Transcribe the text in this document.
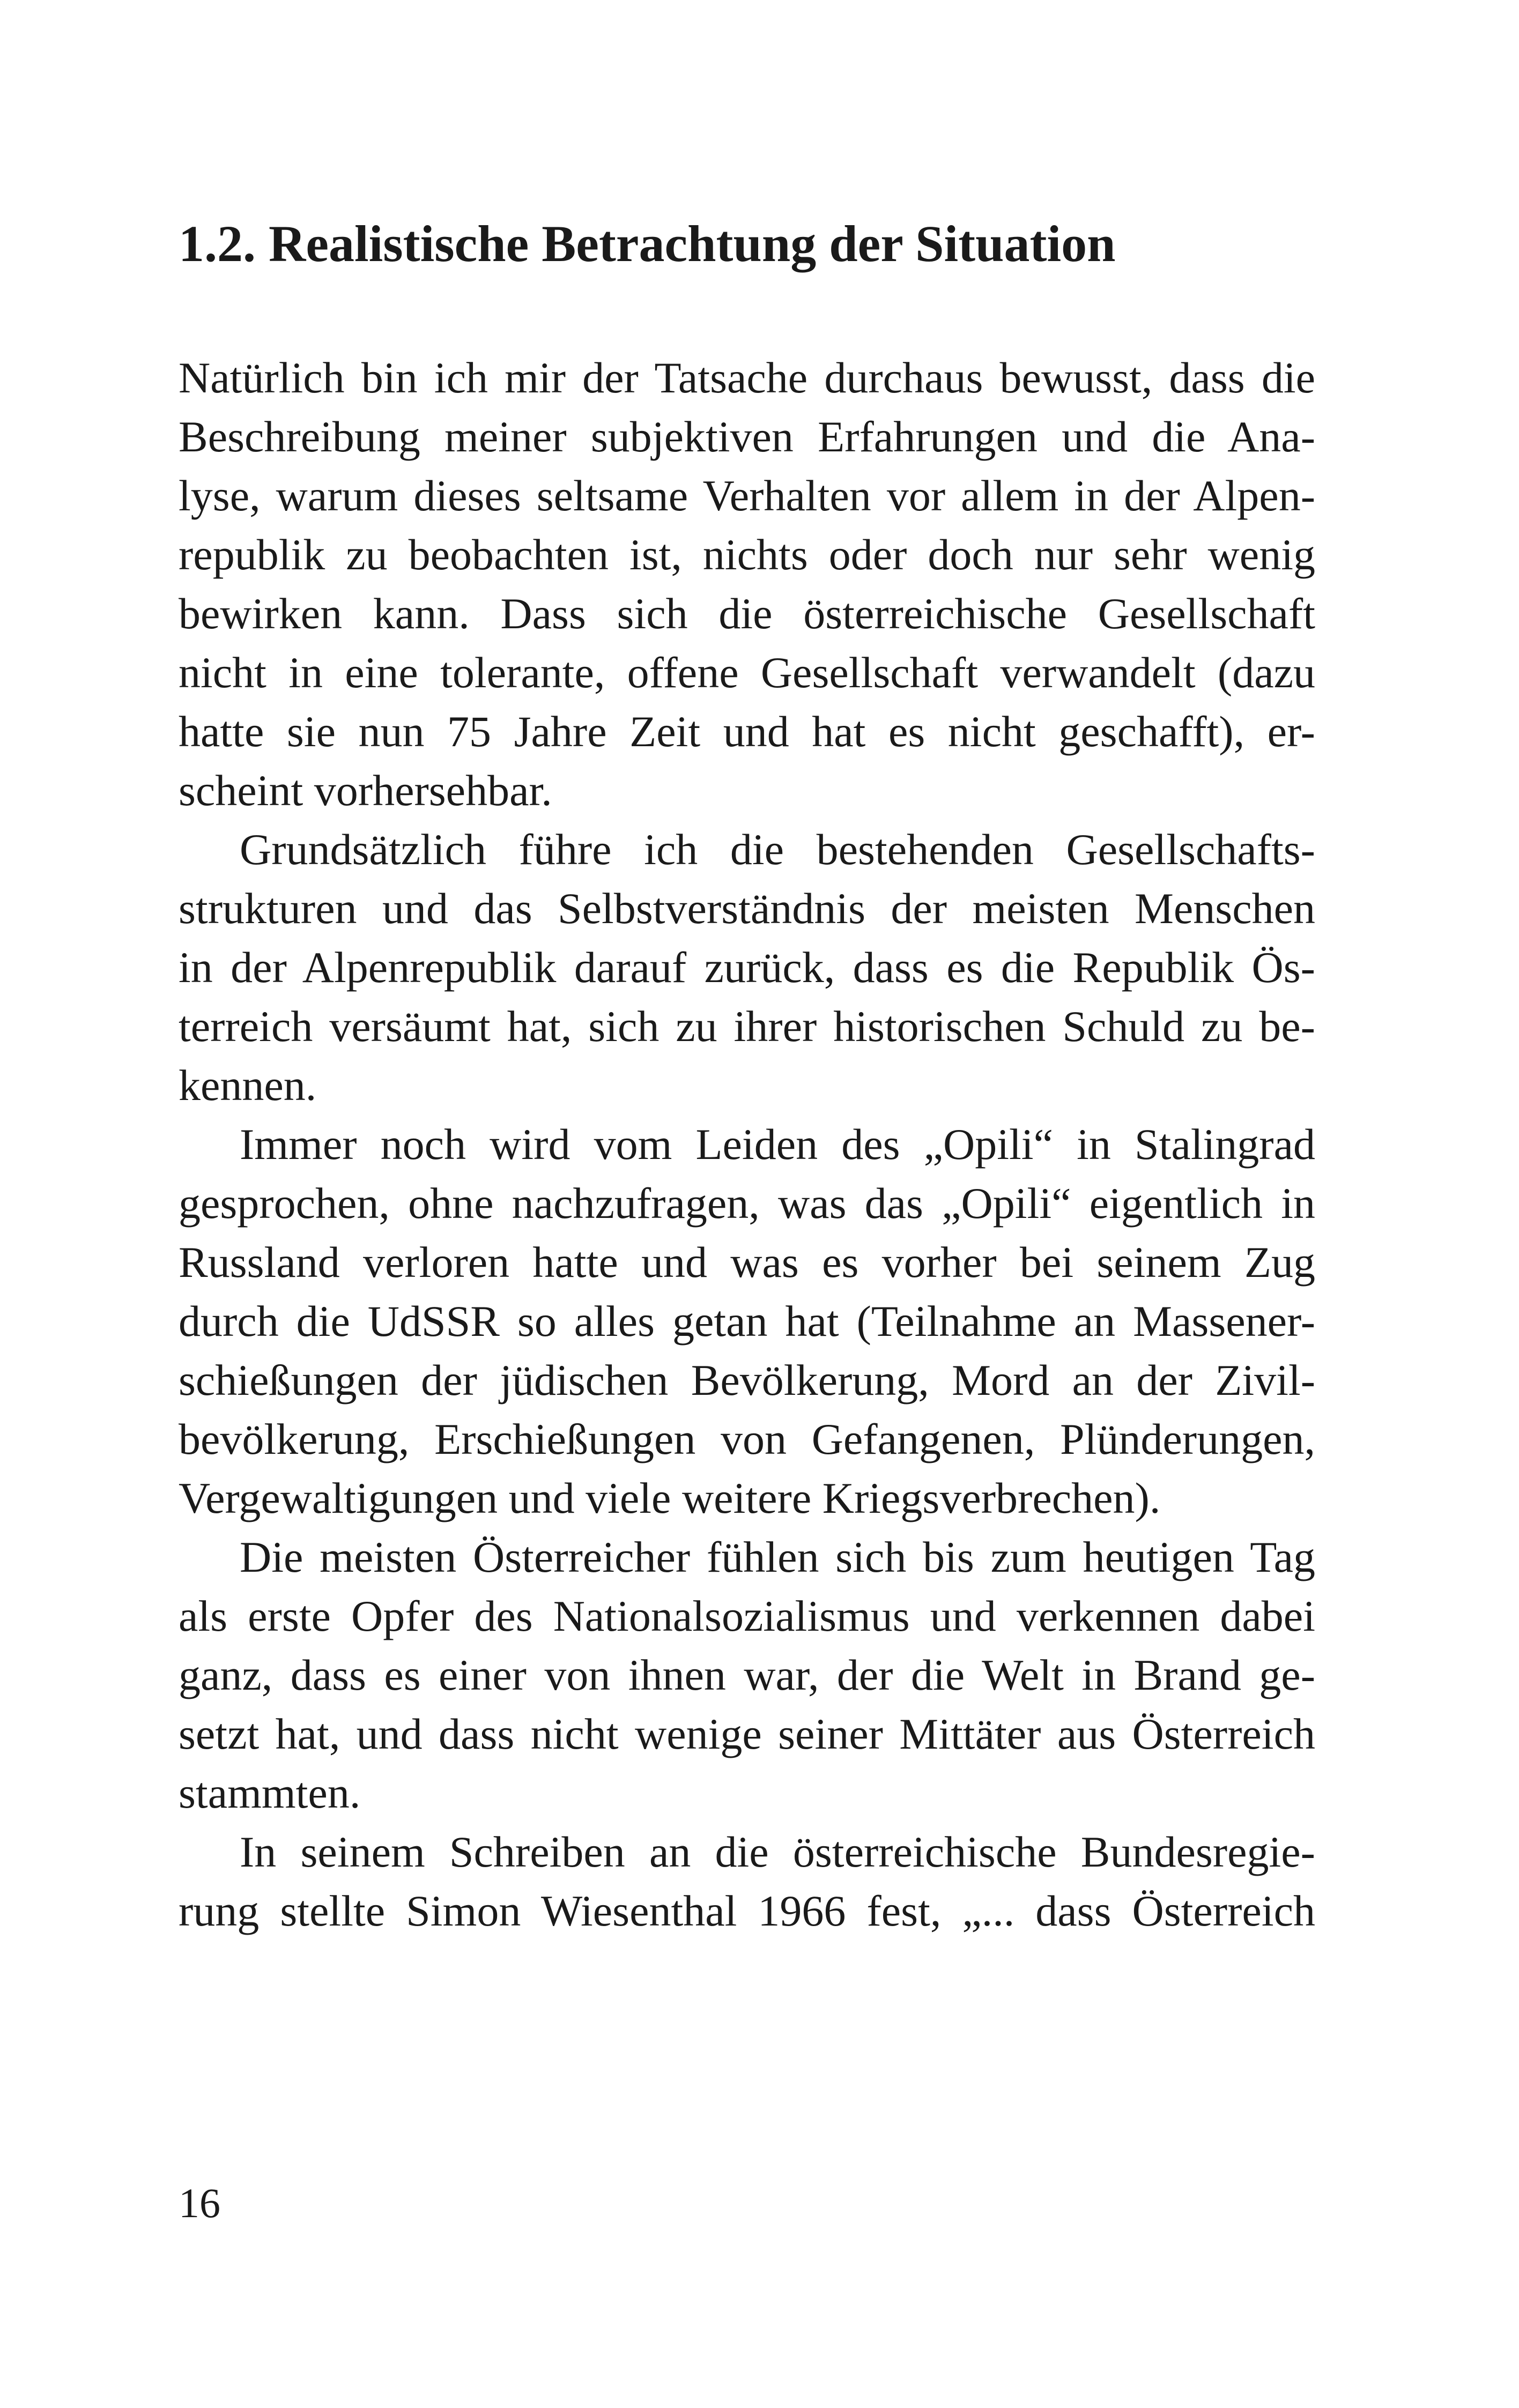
1.2. Realistische Betrachtung der Situation
Natürlich bin ich mir der Tatsache durchaus bewusst, dass die
Beschreibung meiner subjektiven Erfahrungen und die Ana-
lyse, warum dieses seltsame Verhalten vor allem in der Alpen-
republik zu beobachten ist, nichts oder doch nur sehr wenig
bewirken kann. Dass sich die österreichische Gesellschaft
nicht in eine tolerante, offene Gesellschaft verwandelt (dazu
hatte sie nun 75 Jahre Zeit und hat es nicht geschafft), er-
scheint vorhersehbar.
Grundsätzlich führe ich die bestehenden Gesellschafts-
strukturen und das Selbstverständnis der meisten Menschen
in der Alpenrepublik darauf zurück, dass es die Republik Ös-
terreich versäumt hat, sich zu ihrer historischen Schuld zu be-
kennen.
Immer noch wird vom Leiden des „Opili“ in Stalingrad
gesprochen, ohne nachzufragen, was das „Opili“ eigentlich in
Russland verloren hatte und was es vorher bei seinem Zug
durch die UdSSR so alles getan hat (Teilnahme an Massener-
schießungen der jüdischen Bevölkerung, Mord an der Zivil-
bevölkerung, Erschießungen von Gefangenen, Plünderungen,
Vergewaltigungen und viele weitere Kriegsverbrechen).
Die meisten Österreicher fühlen sich bis zum heutigen Tag
als erste Opfer des Nationalsozialismus und verkennen dabei
ganz, dass es einer von ihnen war, der die Welt in Brand ge-
setzt hat, und dass nicht wenige seiner Mittäter aus Österreich
stammten.
In seinem Schreiben an die österreichische Bundesregie-
rung stellte Simon Wiesenthal 1966 fest, „... dass Österreich

16
